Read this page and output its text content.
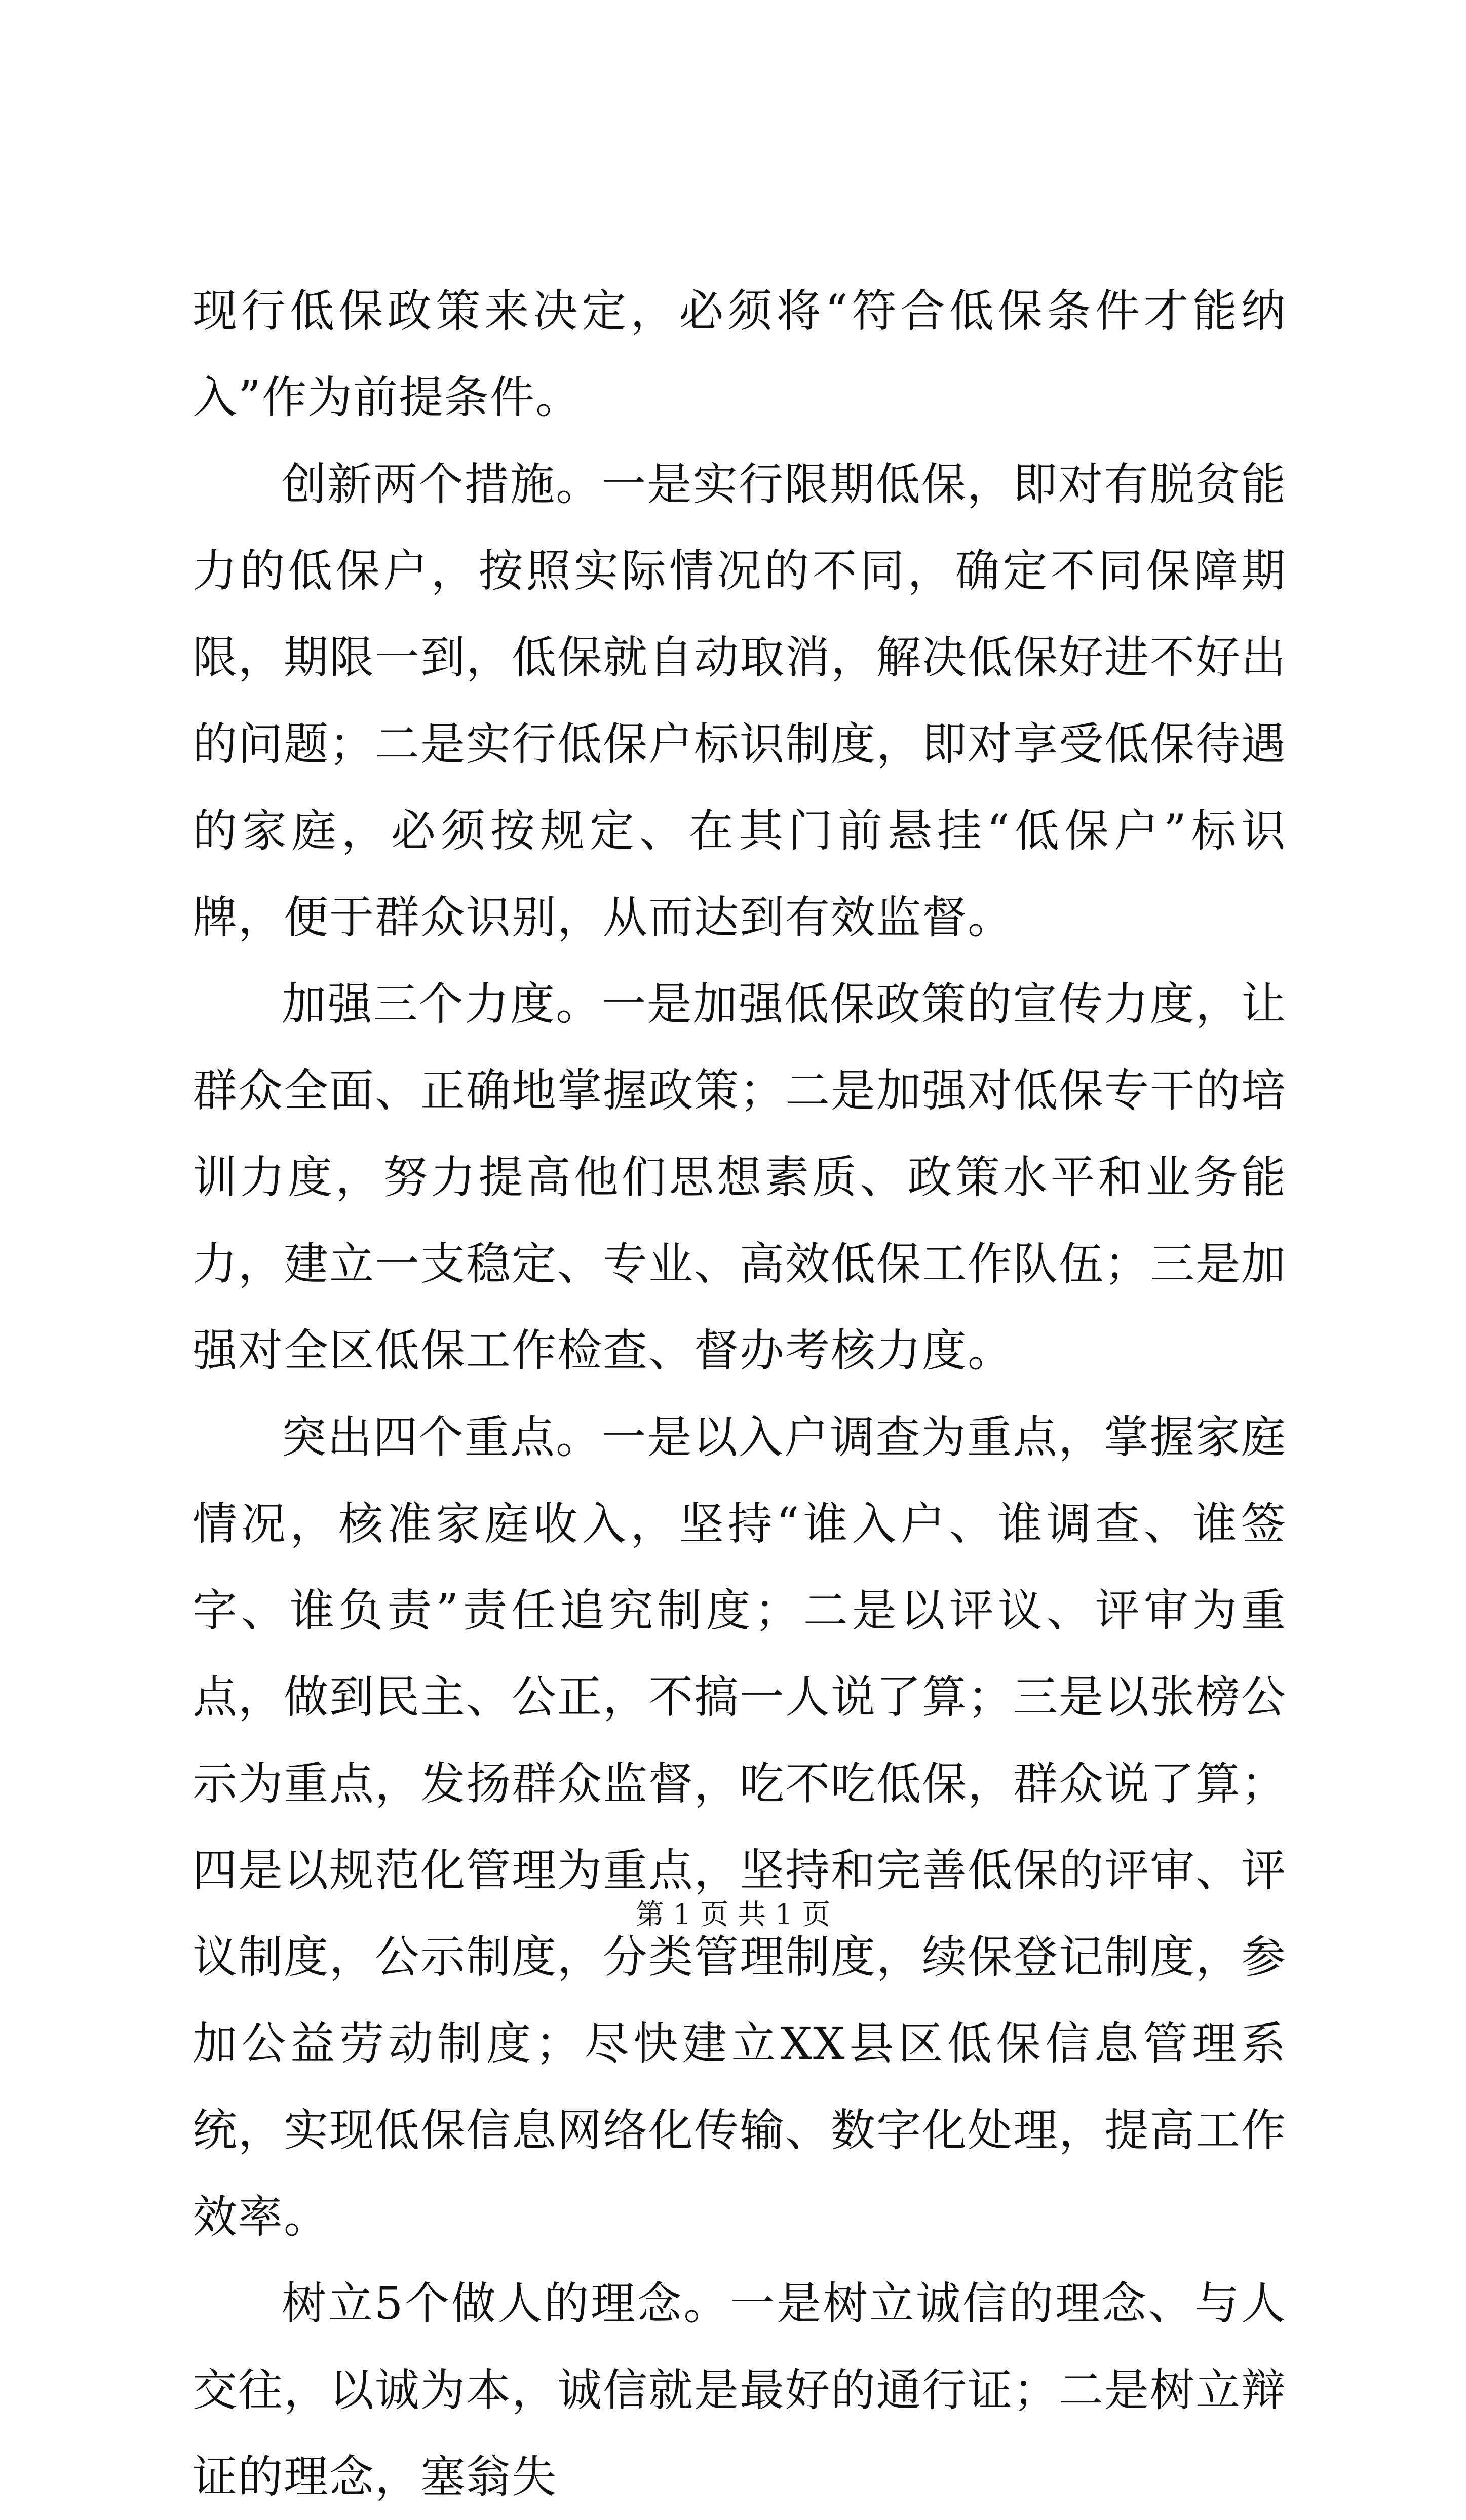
现行低保政策来决定，必须将“符合低保条件才能纳入”作为前提条件。

创新两个措施。一是实行限期低保，即对有脱贫能力的低保户，按照实际情况的不同，确定不同保障期限，期限一到，低保就自动取消，解决低保好进不好出的问题；二是实行低保户标识制度，即对享受低保待遇的家庭，必须按规定、在其门前悬挂“低保户”标识牌，便于群众识别，从而达到有效监督。

加强三个力度。一是加强低保政策的宣传力度，让群众全面、正确地掌握政策；二是加强对低保专干的培训力度，努力提高他们思想素质、政策水平和业务能力，建立一支稳定、专业、高效低保工作队伍；三是加强对全区低保工作检查、督办考核力度。

突出四个重点。一是以入户调查为重点，掌握家庭情况，核准家庭收入，坚持“谁入户、谁调查、谁签字、谁负责”责任追究制度；二是以评议、评审为重点，做到民主、公正，不搞一人说了算；三是以张榜公示为重点，发扬群众监督，吃不吃低保，群众说了算；四是以规范化管理为重点，坚持和完善低保的评审、评议制度，公示制度，分类管理制度，续保登记制度，参加公益劳动制度；尽快建立XX县区低保信息管理系统，实现低保信息网络化传输、数字化处理，提高工作效率。

树立5个做人的理念。一是树立诚信的理念、与人交往，以诚为本，诚信就是最好的通行证；二是树立辩证的理念，塞翁失

第 1 页 共 1 页
